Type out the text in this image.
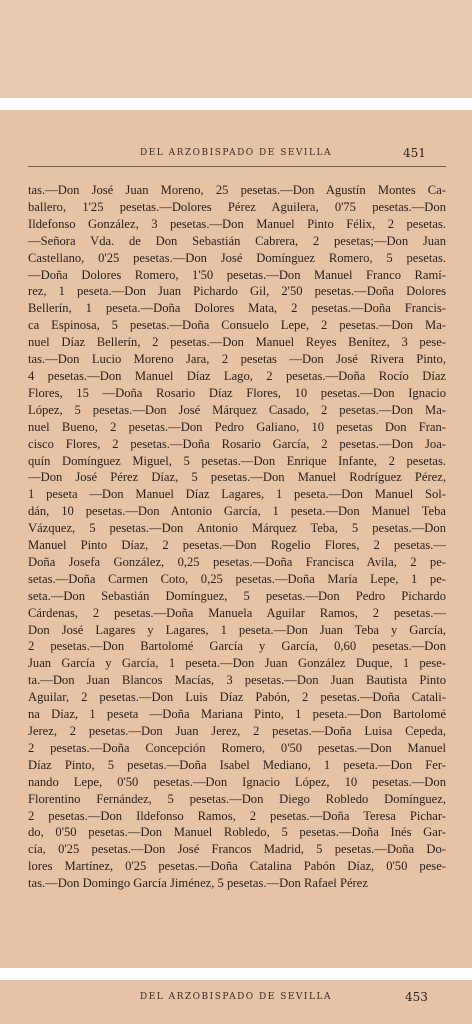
DEL ARZOBISPADO DE SEVILLA	451
tas.—Don José Juan Moreno, 25 pesetas.—Don Agustín Montes Ca-
ballero, 1'25 pesetas.—Dolores Pérez Aguilera, 0'75 pesetas.—Don
Ildefonso González, 3 pesetas.—Don Manuel Pinto Félix, 2 pesetas.
—Señora Vda. de Don Sebastián Cabrera, 2 pesetas;—Don Juan
Castellano, 0'25 pesetas.—Don José Domínguez Romero, 5 pesetas.
—Doña Dolores Romero, 1'50 pesetas.—Don Manuel Franco Ramí-
rez, 1 peseta.—Don Juan Pichardo Gil, 2'50 pesetas.—Doña Dolores
Bellerín, 1 peseta.—Doña Dolores Mata, 2 pesetas.—Doña Francis-
ca Espinosa, 5 pesetas.—Doña Consuelo Lepe, 2 pesetas.—Don Ma-
nuel Díaz Bellerín, 2 pesetas.—Don Manuel Reyes Benítez, 3 pese-
tas.—Don Lucio Moreno Jara, 2 pesetas —Don José Rivera Pinto,
4 pesetas.—Don Manuel Díaz Lago, 2 pesetas.—Doña Rocío Díaz
Flores, 15 —Doña Rosario Díaz Flores, 10 pesetas.—Don Ignacio
López, 5 pesetas.—Don José Márquez Casado, 2 pesetas.—Don Ma-
nuel Bueno, 2 pesetas.—Don Pedro Galiano, 10 pesetas Don Fran-
cisco Flores, 2 pesetas.—Doña Rosario García, 2 pesetas.—Don Joa-
quín Domínguez Miguel, 5 pesetas.—Don Enrique Infante, 2 pesetas.
—Don José Pérez Díaz, 5 pesetas.—Don Manuel Rodríguez Pérez,
1 peseta —Don Manuel Díaz Lagares, 1 peseta.—Don Manuel Sol-
dán, 10 pesetas.—Don Antonio García, 1 peseta.—Don Manuel Teba
Vázquez, 5 pesetas.—Don Antonio Márquez Teba, 5 pesetas.—Don
Manuel Pinto Díaz, 2 pesetas.—Don Rogelio Flores, 2 pesetas.—
Doña Josefa González, 0,25 pesetas.—Doña Francisca Avila, 2 pe-
setas.—Doña Carmen Coto, 0,25 pesetas.—Doña María Lepe, 1 pe-
seta.—Don Sebastián Domínguez, 5 pesetas.—Don Pedro Pichardo
Cárdenas, 2 pesetas.—Doña Manuela Aguilar Ramos, 2 pesetas.—
Don José Lagares y Lagares, 1 peseta.—Don Juan Teba y García,
2 pesetas.—Don Bartolomé García y García, 0,60 pesetas.—Don
Juan García y García, 1 peseta.—Don Juan González Duque, 1 pese-
ta.—Don Juan Blancos Macías, 3 pesetas.—Don Juan Bautista Pinto
Aguilar, 2 pesetas.—Don Luis Díaz Pabón, 2 pesetas.—Doña Catali-
na Díaz, 1 peseta —Doña Mariana Pinto, 1 peseta.—Don Bartolomé
Jerez, 2 pesetas.—Don Juan Jerez, 2 pesetas.—Doña Luisa Cepeda,
2 pesetas.—Doña Concepción Romero, 0'50 pesetas.—Don Manuel
Díaz Pinto, 5 pesetas.—Doña Isabel Mediano, 1 peseta.—Don Fer-
nando Lepe, 0'50 pesetas.—Don Ignacio López, 10 pesetas.—Don
Florentino Fernández, 5 pesetas.—Don Diego Robledo Domínguez,
2 pesetas.—Don Ildefonso Ramos, 2 pesetas.—Doña Teresa Pichar-
do, 0'50 pesetas.—Don Manuel Robledo, 5 pesetas.—Doña Inés Gar-
cía, 0'25 pesetas.—Don José Francos Madrid, 5 pesetas.—Doña Do-
lores Martínez, 0'25 pesetas.—Doña Catalina Pabón Díaz, 0'50 pese-
tas.—Don Domingo García Jiménez, 5 pesetas.—Don Rafael Pérez
DEL ARZOBISPADO DE SEVILLA	453
